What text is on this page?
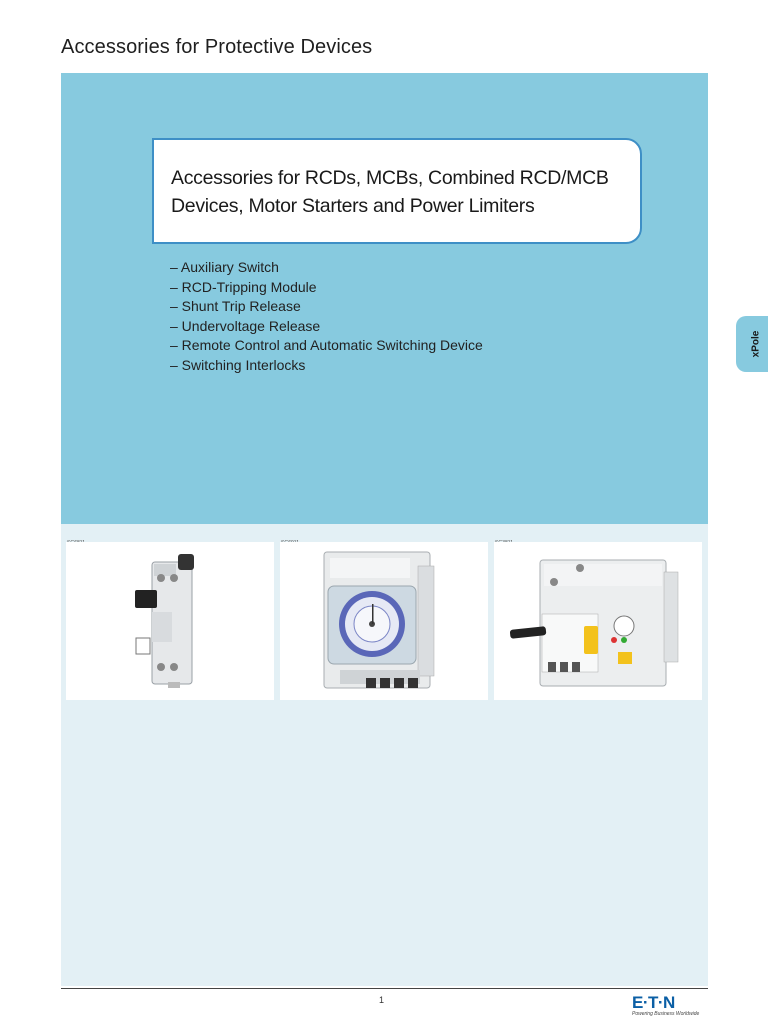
Accessories for Protective Devices
Accessories for RCDs, MCBs, Combined RCD/MCB
Devices, Motor Starters and Power Limiters
– Auxiliary Switch
– RCD-Tripping Module
– Shunt Trip Release
– Undervoltage Release
– Remote Control and Automatic Switching Device
– Switching Interlocks
xPole
1	E·T·N
Powering Business Worldwide
